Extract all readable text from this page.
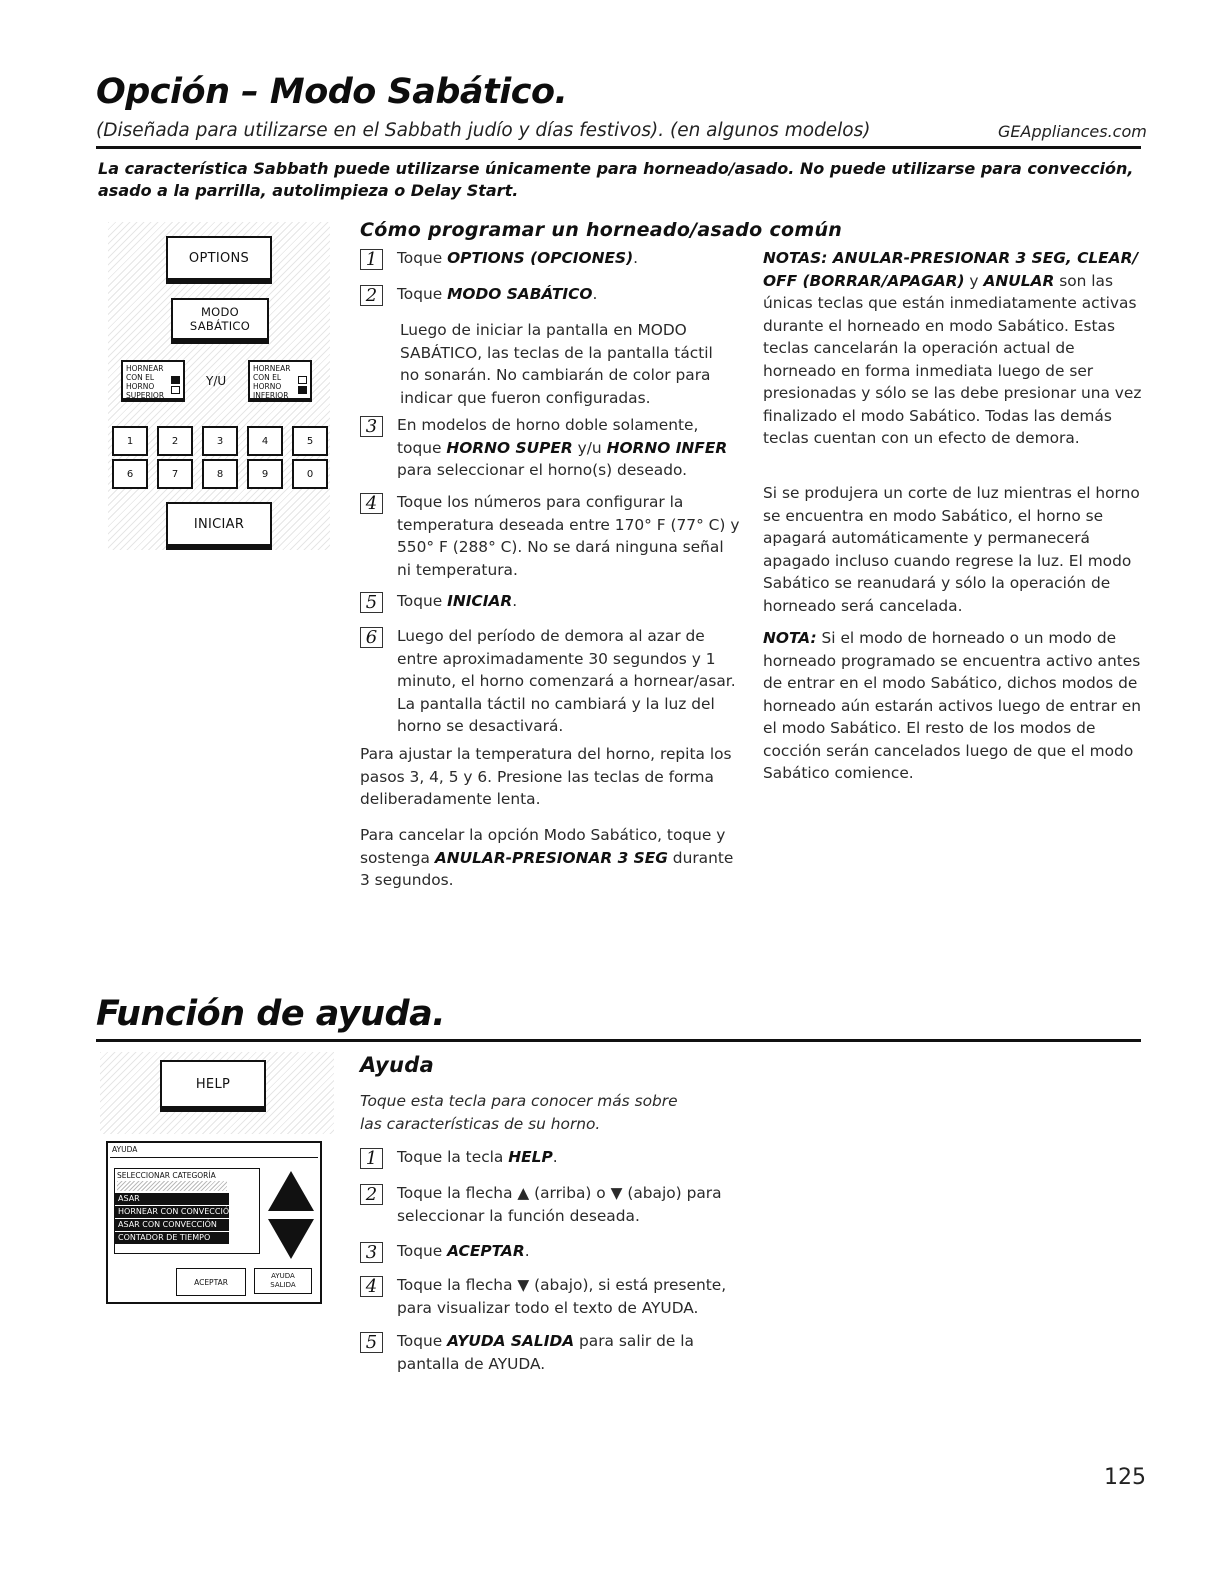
Opción – Modo Sabático.

(Diseñada para utilizarse en el Sabbath judío y días festivos). (en algunos modelos)	GEAppliances.com
La característica Sabbath puede utilizarse únicamente para horneado/asado. No puede utilizarse para convección, asado a la parrilla, autolimpieza o Delay Start.
OPTIONS
MODO SABÁTICO
HORNEAR
CON EL
HORNO
SUPERIOR
Y/U
HORNEAR
CON EL
HORNO
INFERIOR
1	2	3	4	5
6	7	8	9	0
INICIAR
Cómo programar un horneado/asado común
1	Toque OPTIONS (OPCIONES).
2	Toque MODO SABÁTICO.
Luego de iniciar la pantalla en MODO SABÁTICO, las teclas de la pantalla táctil no sonarán. No cambiarán de color para indicar que fueron configuradas.
3	En modelos de horno doble solamente, toque HORNO SUPER y/u HORNO INFER para seleccionar el horno(s) deseado.
4	Toque los números para configurar la temperatura deseada entre 170° F (77° C) y 550° F (288° C). No se dará ninguna señal ni temperatura.
5	Toque INICIAR.
6	Luego del período de demora al azar de entre aproximadamente 30 segundos y 1 minuto, el horno comenzará a hornear/asar. La pantalla táctil no cambiará y la luz del horno se desactivará.
Para ajustar la temperatura del horno, repita los pasos 3, 4, 5 y 6. Presione las teclas de forma deliberadamente lenta.
Para cancelar la opción Modo Sabático, toque y sostenga ANULAR-PRESIONAR 3 SEG durante 3 segundos.
NOTAS: ANULAR-PRESIONAR 3 SEG, CLEAR/ OFF (BORRAR/APAGAR) y ANULAR son las únicas teclas que están inmediatamente activas durante el horneado en modo Sabático. Estas teclas cancelarán la operación actual de horneado en forma inmediata luego de ser presionadas y sólo se las debe presionar una vez finalizado el modo Sabático. Todas las demás teclas cuentan con un efecto de demora.
Si se produjera un corte de luz mientras el horno se encuentra en modo Sabático, el horno se apagará automáticamente y permanecerá apagado incluso cuando regrese la luz. El modo Sabático se reanudará y sólo la operación de horneado será cancelada.
NOTA: Si el modo de horneado o un modo de horneado programado se encuentra activo antes de entrar en el modo Sabático, dichos modos de horneado aún estarán activos luego de entrar en el modo Sabático. El resto de los modos de cocción serán cancelados luego de que el modo Sabático comience.
Función de ayuda.
HELP
AYUDA
SELECCIONAR CATEGORÍA
ASAR
HORNEAR CON CONVECCIÓN
ASAR CON CONVECCIÓN
CONTADOR DE TIEMPO
ACEPTAR
AYUDA
SALIDA
Ayuda
Toque esta tecla para conocer más sobre las características de su horno.
1	Toque la tecla HELP.
2	Toque la flecha ▲ (arriba) o ▼ (abajo) para seleccionar la función deseada.
3	Toque ACEPTAR.
4	Toque la flecha ▼ (abajo), si está presente, para visualizar todo el texto de AYUDA.
5	Toque AYUDA SALIDA para salir de la pantalla de AYUDA.
125
